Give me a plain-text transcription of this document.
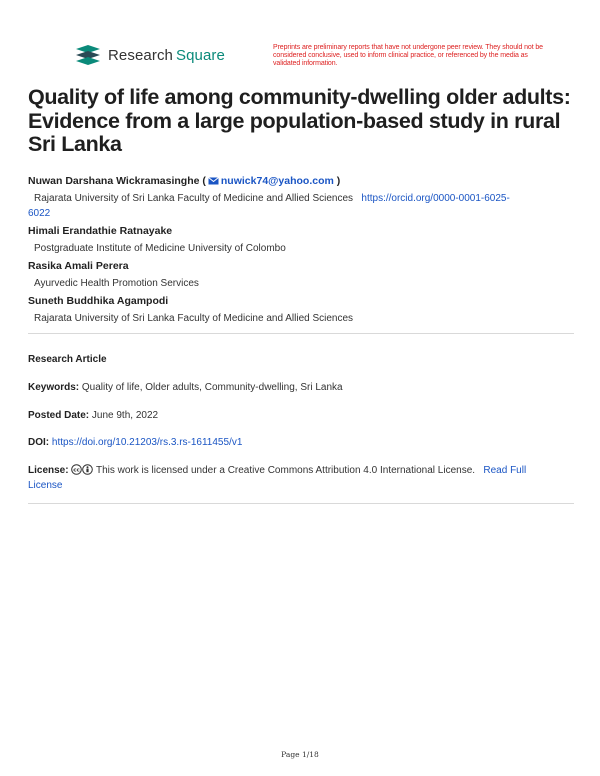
Research Square	Preprints are preliminary reports that have not undergone peer review. They should not be considered conclusive, used to inform clinical practice, or referenced by the media as validated information.
Quality of life among community-dwelling older adults: Evidence from a large population-based study in rural Sri Lanka
Nuwan Darshana Wickramasinghe ( nuwick74@yahoo.com )
Rajarata University of Sri Lanka Faculty of Medicine and Allied Sciences https://orcid.org/0000-0001-6025-
6022
Himali Erandathie Ratnayake
Postgraduate Institute of Medicine University of Colombo
Rasika Amali Perera
Ayurvedic Health Promotion Services
Suneth Buddhika Agampodi
Rajarata University of Sri Lanka Faculty of Medicine and Allied Sciences
Research Article
Keywords: Quality of life, Older adults, Community-dwelling, Sri Lanka
Posted Date: June 9th, 2022
DOI: https://doi.org/10.21203/rs.3.rs-1611455/v1
License: cc This work is licensed under a Creative Commons Attribution 4.0 International License. Read Full
License
Page 1/18
